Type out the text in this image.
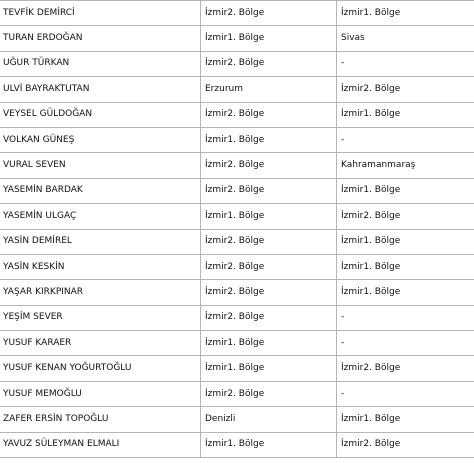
TEVFİK DEMİRCİ	İzmir2. Bölge	İzmir1. Bölge
TURAN ERDOĞAN	İzmir1. Bölge	Sivas
UĞUR TÜRKAN	İzmir2. Bölge	-
ULVİ BAYRAKTUTAN	Erzurum	İzmir2. Bölge
VEYSEL GÜLDOĞAN	İzmir2. Bölge	İzmir1. Bölge
VOLKAN GÜNEŞ	İzmir1. Bölge	-
VURAL SEVEN	İzmir2. Bölge	Kahramanmaraş
YASEMİN BARDAK	İzmir2. Bölge	İzmir1. Bölge
YASEMİN ULGAÇ	İzmir1. Bölge	İzmir2. Bölge
YASİN DEMİREL	İzmir2. Bölge	İzmir1. Bölge
YASİN KESKİN	İzmir2. Bölge	İzmir1. Bölge
YAŞAR KIRKPINAR	İzmir2. Bölge	İzmir1. Bölge
YEŞİM SEVER	İzmir2. Bölge	-
YUSUF KARAER	İzmir1. Bölge	-
YUSUF KENAN YOĞURTOĞLU	İzmir1. Bölge	İzmir2. Bölge
YUSUF MEMOĞLU	İzmir2. Bölge	-
ZAFER ERSİN TOPOĞLU	Denizli	İzmir1. Bölge
YAVUZ SÜLEYMAN ELMALI	İzmir1. Bölge	İzmir2. Bölge
